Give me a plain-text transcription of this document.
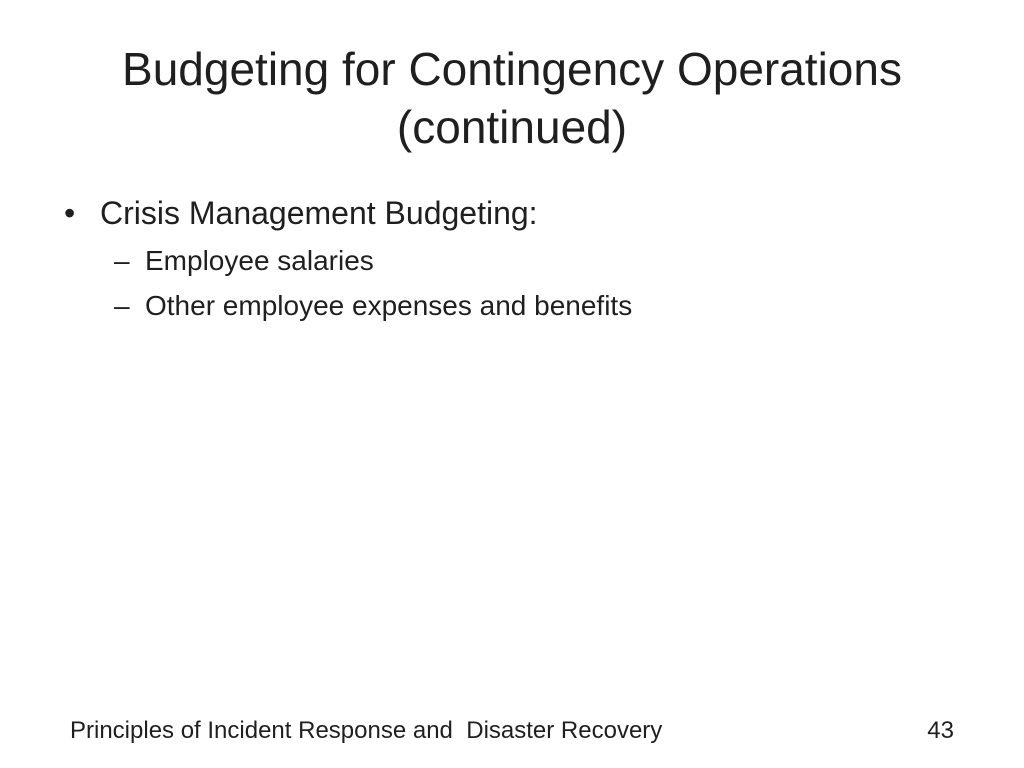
Budgeting for Contingency Operations
(continued)
• Crisis Management Budgeting:
– Employee salaries
– Other employee expenses and benefits
Principles of Incident Response and  Disaster Recovery	43
